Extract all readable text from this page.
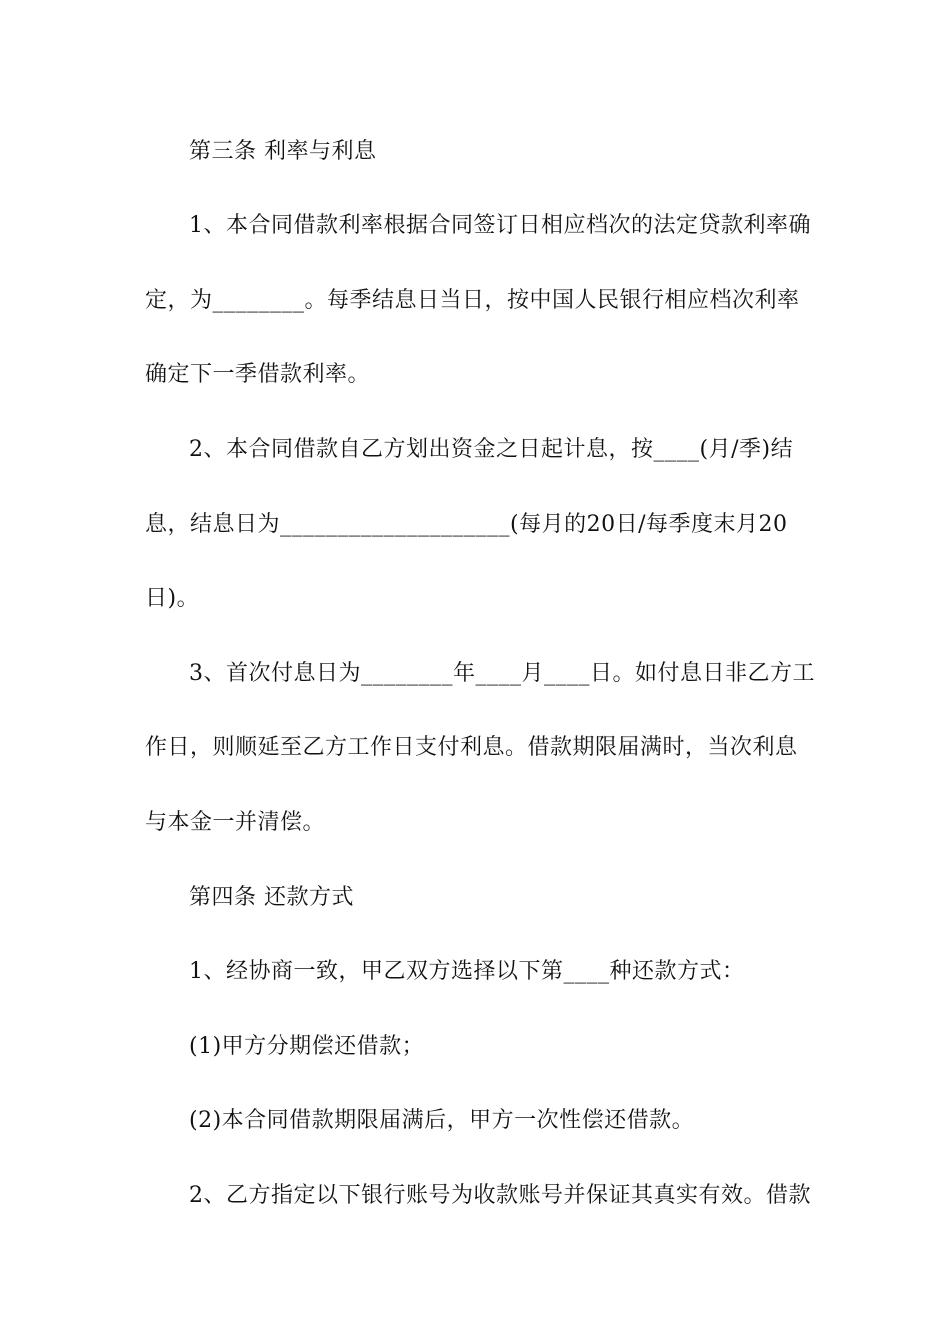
第三条 利率与利息
1、本合同借款利率根据合同签订日相应档次的法定贷款利率确
定，为________。每季结息日当日，按中国人民银行相应档次利率
确定下一季借款利率。
2、本合同借款自乙方划出资金之日起计息，按____(月/季)结
息，结息日为____________________(每月的20日/每季度末月20
日)。
3、首次付息日为________年____月____日。如付息日非乙方工
作日，则顺延至乙方工作日支付利息。借款期限届满时，当次利息
与本金一并清偿。
第四条 还款方式
1、经协商一致，甲乙双方选择以下第____种还款方式：
(1)甲方分期偿还借款；
(2)本合同借款期限届满后，甲方一次性偿还借款。
2、乙方指定以下银行账号为收款账号并保证其真实有效。借款
